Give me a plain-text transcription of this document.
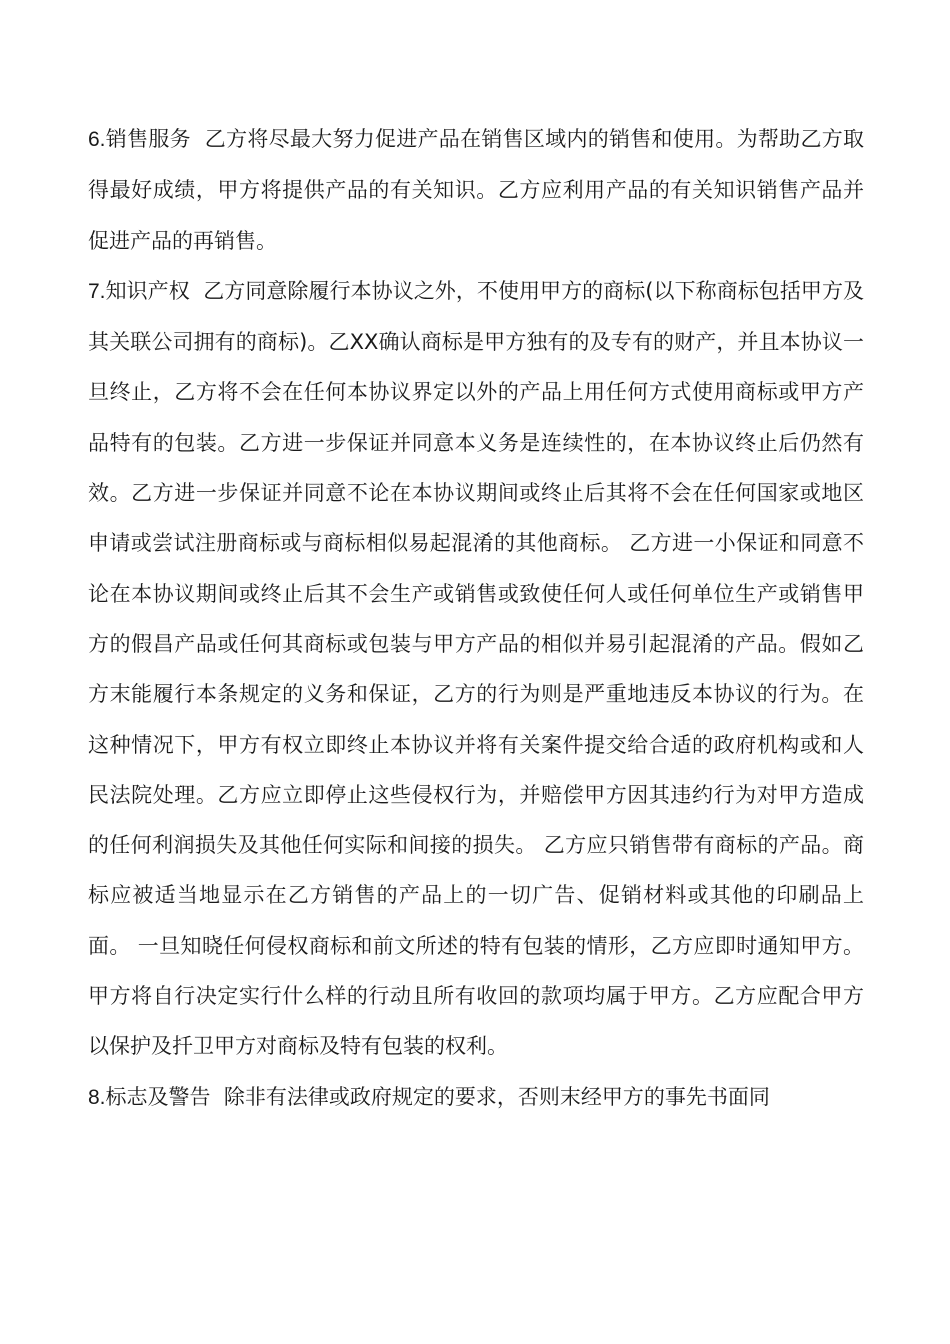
6.销售服务 乙方将尽最大努力促进产品在销售区域内的销售和使用。为帮助乙方取得最好成绩，甲方将提供产品的有关知识。乙方应利用产品的有关知识销售产品并促进产品的再销售。

7.知识产权 乙方同意除履行本协议之外，不使用甲方的商标(以下称商标包括甲方及其关联公司拥有的商标)。乙XX确认商标是甲方独有的及专有的财产，并且本协议一旦终止，乙方将不会在任何本协议界定以外的产品上用任何方式使用商标或甲方产品特有的包装。乙方进一步保证并同意本义务是连续性的，在本协议终止后仍然有效。乙方进一步保证并同意不论在本协议期间或终止后其将不会在任何国家或地区申请或尝试注册商标或与商标相似易起混淆的其他商标。 乙方进一小保证和同意不论在本协议期间或终止后其不会生产或销售或致使任何人或任何单位生产或销售甲方的假昌产品或任何其商标或包装与甲方产品的相似并易引起混淆的产品。假如乙方末能履行本条规定的义务和保证，乙方的行为则是严重地违反本协议的行为。在这种情况下，甲方有权立即终止本协议并将有关案件提交给合适的政府机构或和人民法院处理。乙方应立即停止这些侵权行为，并赔偿甲方因其违约行为对甲方造成的任何利润损失及其他任何实际和间接的损失。 乙方应只销售带有商标的产品。商标应被适当地显示在乙方销售的产品上的一切广告、促销材料或其他的印刷品上面。 一旦知晓任何侵权商标和前文所述的特有包装的情形，乙方应即时通知甲方。甲方将自行决定实行什么样的行动且所有收回的款项均属于甲方。乙方应配合甲方以保护及扦卫甲方对商标及特有包装的权利。

8.标志及警告 除非有法律或政府规定的要求，否则末经甲方的事先书面同
